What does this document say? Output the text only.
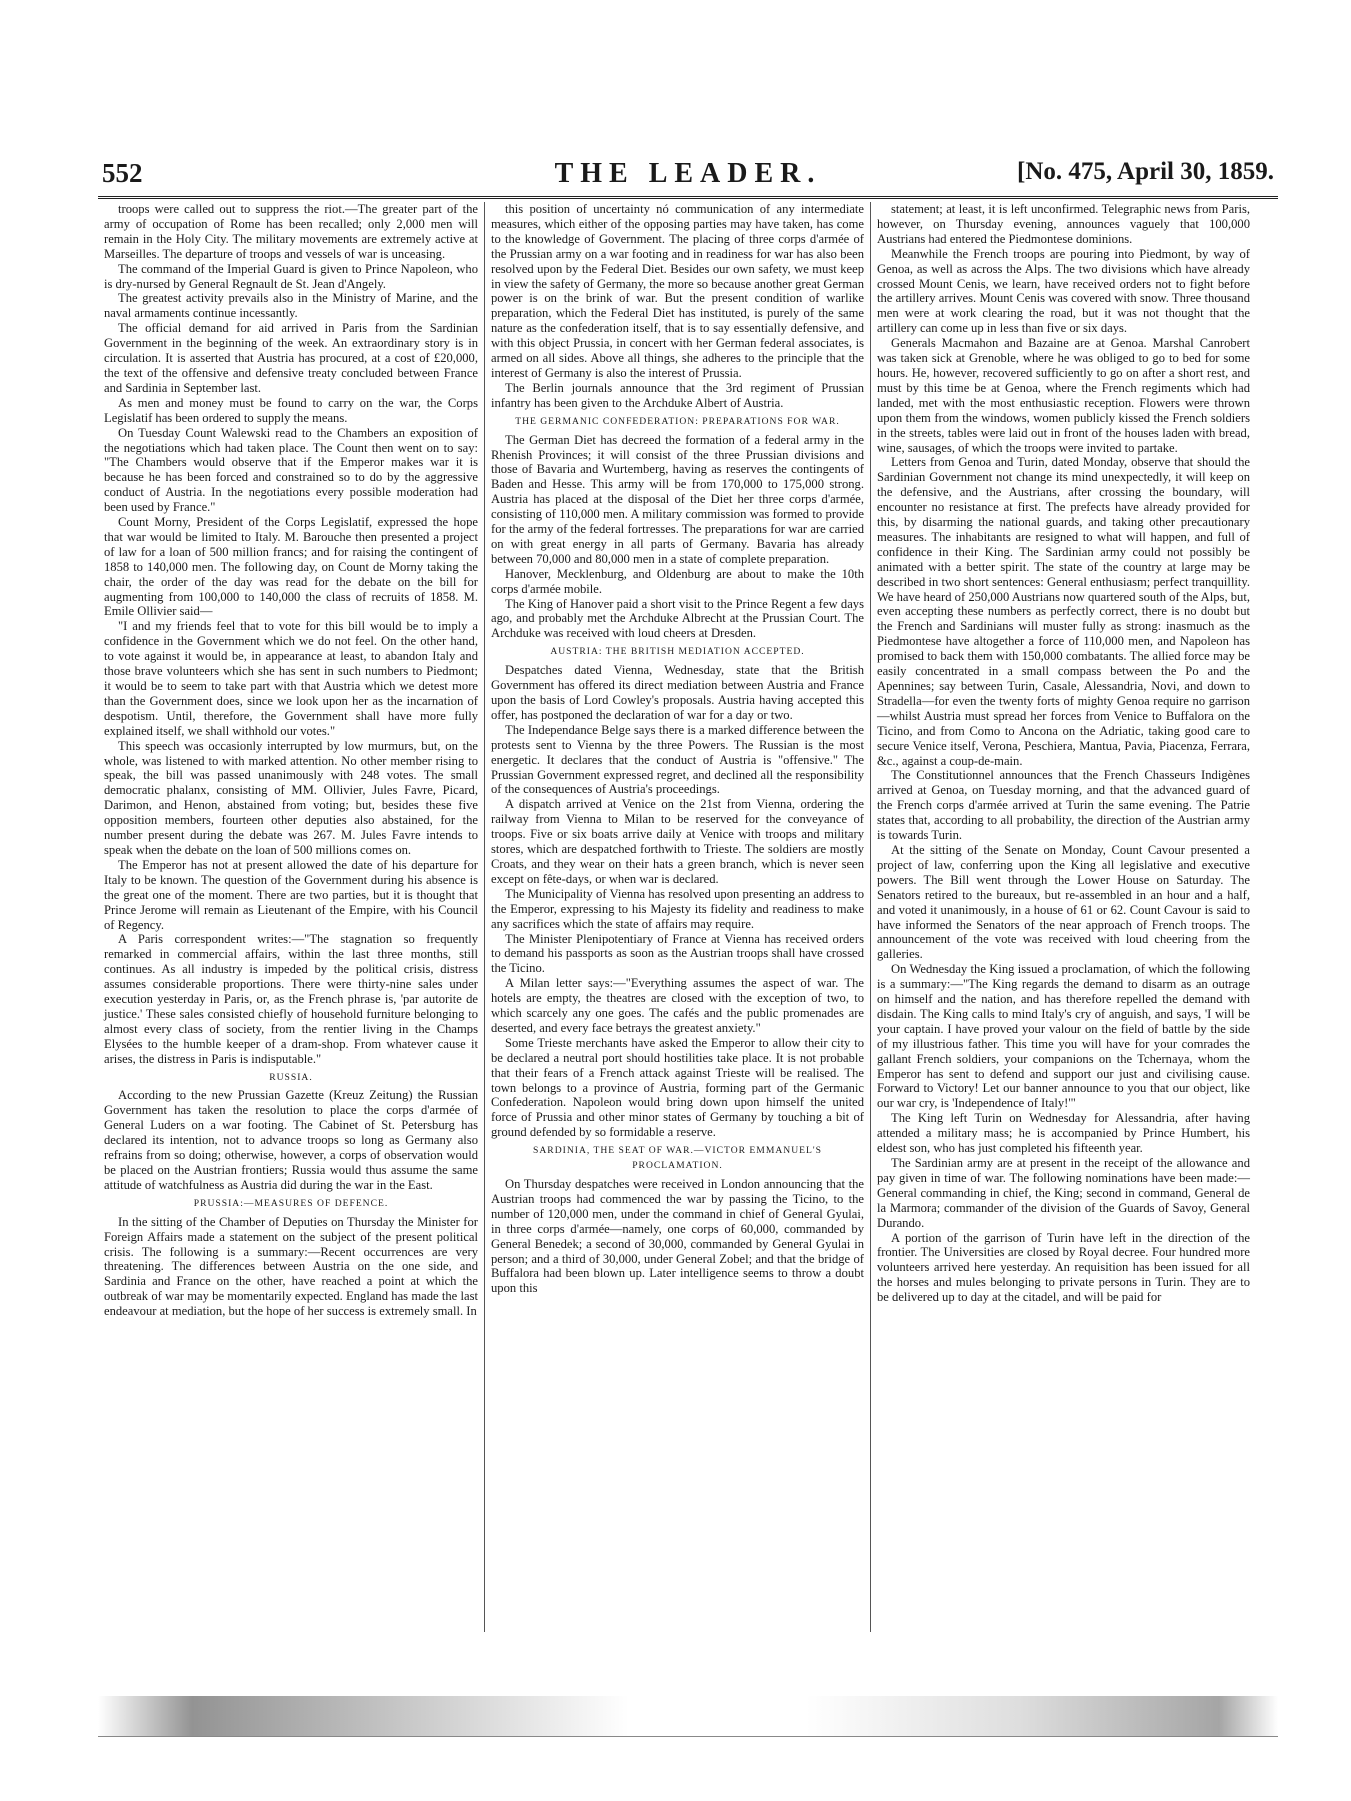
552	THE LEADER.	[No. 475, April 30, 1859.

troops were called out to suppress the riot.—The greater part of the army of occupation of Rome has been recalled; only 2,000 men will remain in the Holy City. The military movements are extremely active at Marseilles. The departure of troops and vessels of war is unceasing.

The command of the Imperial Guard is given to Prince Napoleon, who is dry-nursed by General Regnault de St. Jean d'Angely.

The greatest activity prevails also in the Ministry of Marine, and the naval armaments continue incessantly.

The official demand for aid arrived in Paris from the Sardinian Government in the beginning of the week. An extraordinary story is in circulation. It is asserted that Austria has procured, at a cost of £20,000, the text of the offensive and defensive treaty concluded between France and Sardinia in September last.

As men and money must be found to carry on the war, the Corps Legislatif has been ordered to supply the means.

On Tuesday Count Walewski read to the Chambers an exposition of the negotiations which had taken place. The Count then went on to say: "The Chambers would observe that if the Emperor makes war it is because he has been forced and constrained so to do by the aggressive conduct of Austria. In the negotiations every possible moderation had been used by France."

Count Morny, President of the Corps Legislatif, expressed the hope that war would be limited to Italy. M. Barouche then presented a project of law for a loan of 500 million francs; and for raising the contingent of 1858 to 140,000 men. The following day, on Count de Morny taking the chair, the order of the day was read for the debate on the bill for augmenting from 100,000 to 140,000 the class of recruits of 1858. M. Emile Ollivier said—

"I and my friends feel that to vote for this bill would be to imply a confidence in the Government which we do not feel. On the other hand, to vote against it would be, in appearance at least, to abandon Italy and those brave volunteers which she has sent in such numbers to Piedmont; it would be to seem to take part with that Austria which we detest more than the Government does, since we look upon her as the incarnation of despotism. Until, therefore, the Government shall have more fully explained itself, we shall withhold our votes."

This speech was occasionly interrupted by low murmurs, but, on the whole, was listened to with marked attention. No other member rising to speak, the bill was passed unanimously with 248 votes. The small democratic phalanx, consisting of MM. Ollivier, Jules Favre, Picard, Darimon, and Henon, abstained from voting; but, besides these five opposition members, fourteen other deputies also abstained, for the number present during the debate was 267. M. Jules Favre intends to speak when the debate on the loan of 500 millions comes on.

The Emperor has not at present allowed the date of his departure for Italy to be known. The question of the Government during his absence is the great one of the moment. There are two parties, but it is thought that Prince Jerome will remain as Lieutenant of the Empire, with his Council of Regency.

A Paris correspondent writes:—"The stagnation so frequently remarked in commercial affairs, within the last three months, still continues. As all industry is impeded by the political crisis, distress assumes considerable proportions. There were thirty-nine sales under execution yesterday in Paris, or, as the French phrase is, 'par autorite de justice.' These sales consisted chiefly of household furniture belonging to almost every class of society, from the rentier living in the Champs Elysées to the humble keeper of a dram-shop. From whatever cause it arises, the distress in Paris is indisputable."

RUSSIA.

According to the new Prussian Gazette (Kreuz Zeitung) the Russian Government has taken the resolution to place the corps d'armée of General Luders on a war footing. The Cabinet of St. Petersburg has declared its intention, not to advance troops so long as Germany also refrains from so doing; otherwise, however, a corps of observation would be placed on the Austrian frontiers; Russia would thus assume the same attitude of watchfulness as Austria did during the war in the East.

PRUSSIA:—MEASURES OF DEFENCE.

In the sitting of the Chamber of Deputies on Thursday the Minister for Foreign Affairs made a statement on the subject of the present political crisis. The following is a summary:—Recent occurrences are very threatening. The differences between Austria on the one side, and Sardinia and France on the other, have reached a point at which the outbreak of war may be momentarily expected. England has made the last endeavour at mediation, but the hope of her success is extremely small. In

this position of uncertainty nó communication of any intermediate measures, which either of the opposing parties may have taken, has come to the knowledge of Government. The placing of three corps d'armée of the Prussian army on a war footing and in readiness for war has also been resolved upon by the Federal Diet. Besides our own safety, we must keep in view the safety of Germany, the more so because another great German power is on the brink of war. But the present condition of warlike preparation, which the Federal Diet has instituted, is purely of the same nature as the confederation itself, that is to say essentially defensive, and with this object Prussia, in concert with her German federal associates, is armed on all sides. Above all things, she adheres to the principle that the interest of Germany is also the interest of Prussia.

The Berlin journals announce that the 3rd regiment of Prussian infantry has been given to the Archduke Albert of Austria.

THE GERMANIC CONFEDERATION: PREPARATIONS FOR WAR.

The German Diet has decreed the formation of a federal army in the Rhenish Provinces; it will consist of the three Prussian divisions and those of Bavaria and Wurtemberg, having as reserves the contingents of Baden and Hesse. This army will be from 170,000 to 175,000 strong. Austria has placed at the disposal of the Diet her three corps d'armée, consisting of 110,000 men. A military commission was formed to provide for the army of the federal fortresses. The preparations for war are carried on with great energy in all parts of Germany. Bavaria has already between 70,000 and 80,000 men in a state of complete preparation.

Hanover, Mecklenburg, and Oldenburg are about to make the 10th corps d'armée mobile.

The King of Hanover paid a short visit to the Prince Regent a few days ago, and probably met the Archduke Albrecht at the Prussian Court. The Archduke was received with loud cheers at Dresden.

AUSTRIA: THE BRITISH MEDIATION ACCEPTED.

Despatches dated Vienna, Wednesday, state that the British Government has offered its direct mediation between Austria and France upon the basis of Lord Cowley's proposals. Austria having accepted this offer, has postponed the declaration of war for a day or two.

The Independance Belge says there is a marked difference between the protests sent to Vienna by the three Powers. The Russian is the most energetic. It declares that the conduct of Austria is "offensive." The Prussian Government expressed regret, and declined all the responsibility of the consequences of Austria's proceedings.

A dispatch arrived at Venice on the 21st from Vienna, ordering the railway from Vienna to Milan to be reserved for the conveyance of troops. Five or six boats arrive daily at Venice with troops and military stores, which are despatched forthwith to Trieste. The soldiers are mostly Croats, and they wear on their hats a green branch, which is never seen except on fête-days, or when war is declared.

The Municipality of Vienna has resolved upon presenting an address to the Emperor, expressing to his Majesty its fidelity and readiness to make any sacrifices which the state of affairs may require.

The Minister Plenipotentiary of France at Vienna has received orders to demand his passports as soon as the Austrian troops shall have crossed the Ticino.

A Milan letter says:—"Everything assumes the aspect of war. The hotels are empty, the theatres are closed with the exception of two, to which scarcely any one goes. The cafés and the public promenades are deserted, and every face betrays the greatest anxiety."

Some Trieste merchants have asked the Emperor to allow their city to be declared a neutral port should hostilities take place. It is not probable that their fears of a French attack against Trieste will be realised. The town belongs to a province of Austria, forming part of the Germanic Confederation. Napoleon would bring down upon himself the united force of Prussia and other minor states of Germany by touching a bit of ground defended by so formidable a reserve.

SARDINIA, THE SEAT OF WAR.—VICTOR EMMANUEL'S PROCLAMATION.

On Thursday despatches were received in London announcing that the Austrian troops had commenced the war by passing the Ticino, to the number of 120,000 men, under the command in chief of General Gyulai, in three corps d'armée—namely, one corps of 60,000, commanded by General Benedek; a second of 30,000, commanded by General Gyulai in person; and a third of 30,000, under General Zobel; and that the bridge of Buffalora had been blown up. Later intelligence seems to throw a doubt upon this

statement; at least, it is left unconfirmed. Telegraphic news from Paris, however, on Thursday evening, announces vaguely that 100,000 Austrians had entered the Piedmontese dominions.

Meanwhile the French troops are pouring into Piedmont, by way of Genoa, as well as across the Alps. The two divisions which have already crossed Mount Cenis, we learn, have received orders not to fight before the artillery arrives. Mount Cenis was covered with snow. Three thousand men were at work clearing the road, but it was not thought that the artillery can come up in less than five or six days.

Generals Macmahon and Bazaine are at Genoa. Marshal Canrobert was taken sick at Grenoble, where he was obliged to go to bed for some hours. He, however, recovered sufficiently to go on after a short rest, and must by this time be at Genoa, where the French regiments which had landed, met with the most enthusiastic reception. Flowers were thrown upon them from the windows, women publicly kissed the French soldiers in the streets, tables were laid out in front of the houses laden with bread, wine, sausages, of which the troops were invited to partake.

Letters from Genoa and Turin, dated Monday, observe that should the Sardinian Government not change its mind unexpectedly, it will keep on the defensive, and the Austrians, after crossing the boundary, will encounter no resistance at first. The prefects have already provided for this, by disarming the national guards, and taking other precautionary measures. The inhabitants are resigned to what will happen, and full of confidence in their King. The Sardinian army could not possibly be animated with a better spirit. The state of the country at large may be described in two short sentences: General enthusiasm; perfect tranquillity. We have heard of 250,000 Austrians now quartered south of the Alps, but, even accepting these numbers as perfectly correct, there is no doubt but the French and Sardinians will muster fully as strong: inasmuch as the Piedmontese have altogether a force of 110,000 men, and Napoleon has promised to back them with 150,000 combatants. The allied force may be easily concentrated in a small compass between the Po and the Apennines; say between Turin, Casale, Alessandria, Novi, and down to Stradella—for even the twenty forts of mighty Genoa require no garrison—whilst Austria must spread her forces from Venice to Buffalora on the Ticino, and from Como to Ancona on the Adriatic, taking good care to secure Venice itself, Verona, Peschiera, Mantua, Pavia, Piacenza, Ferrara, &c., against a coup-de-main.

The Constitutionnel announces that the French Chasseurs Indigènes arrived at Genoa, on Tuesday morning, and that the advanced guard of the French corps d'armée arrived at Turin the same evening. The Patrie states that, according to all probability, the direction of the Austrian army is towards Turin.

At the sitting of the Senate on Monday, Count Cavour presented a project of law, conferring upon the King all legislative and executive powers. The Bill went through the Lower House on Saturday. The Senators retired to the bureaux, but re-assembled in an hour and a half, and voted it unanimously, in a house of 61 or 62. Count Cavour is said to have informed the Senators of the near approach of French troops. The announcement of the vote was received with loud cheering from the galleries.

On Wednesday the King issued a proclamation, of which the following is a summary:—"The King regards the demand to disarm as an outrage on himself and the nation, and has therefore repelled the demand with disdain. The King calls to mind Italy's cry of anguish, and says, 'I will be your captain. I have proved your valour on the field of battle by the side of my illustrious father. This time you will have for your comrades the gallant French soldiers, your companions on the Tchernaya, whom the Emperor has sent to defend and support our just and civilising cause. Forward to Victory! Let our banner announce to you that our object, like our war cry, is 'Independence of Italy!'"

The King left Turin on Wednesday for Alessandria, after having attended a military mass; he is accompanied by Prince Humbert, his eldest son, who has just completed his fifteenth year.

The Sardinian army are at present in the receipt of the allowance and pay given in time of war. The following nominations have been made:—General commanding in chief, the King; second in command, General de la Marmora; commander of the division of the Guards of Savoy, General Durando.

A portion of the garrison of Turin have left in the direction of the frontier. The Universities are closed by Royal decree. Four hundred more volunteers arrived here yesterday. An requisition has been issued for all the horses and mules belonging to private persons in Turin. They are to be delivered up to day at the citadel, and will be paid for
